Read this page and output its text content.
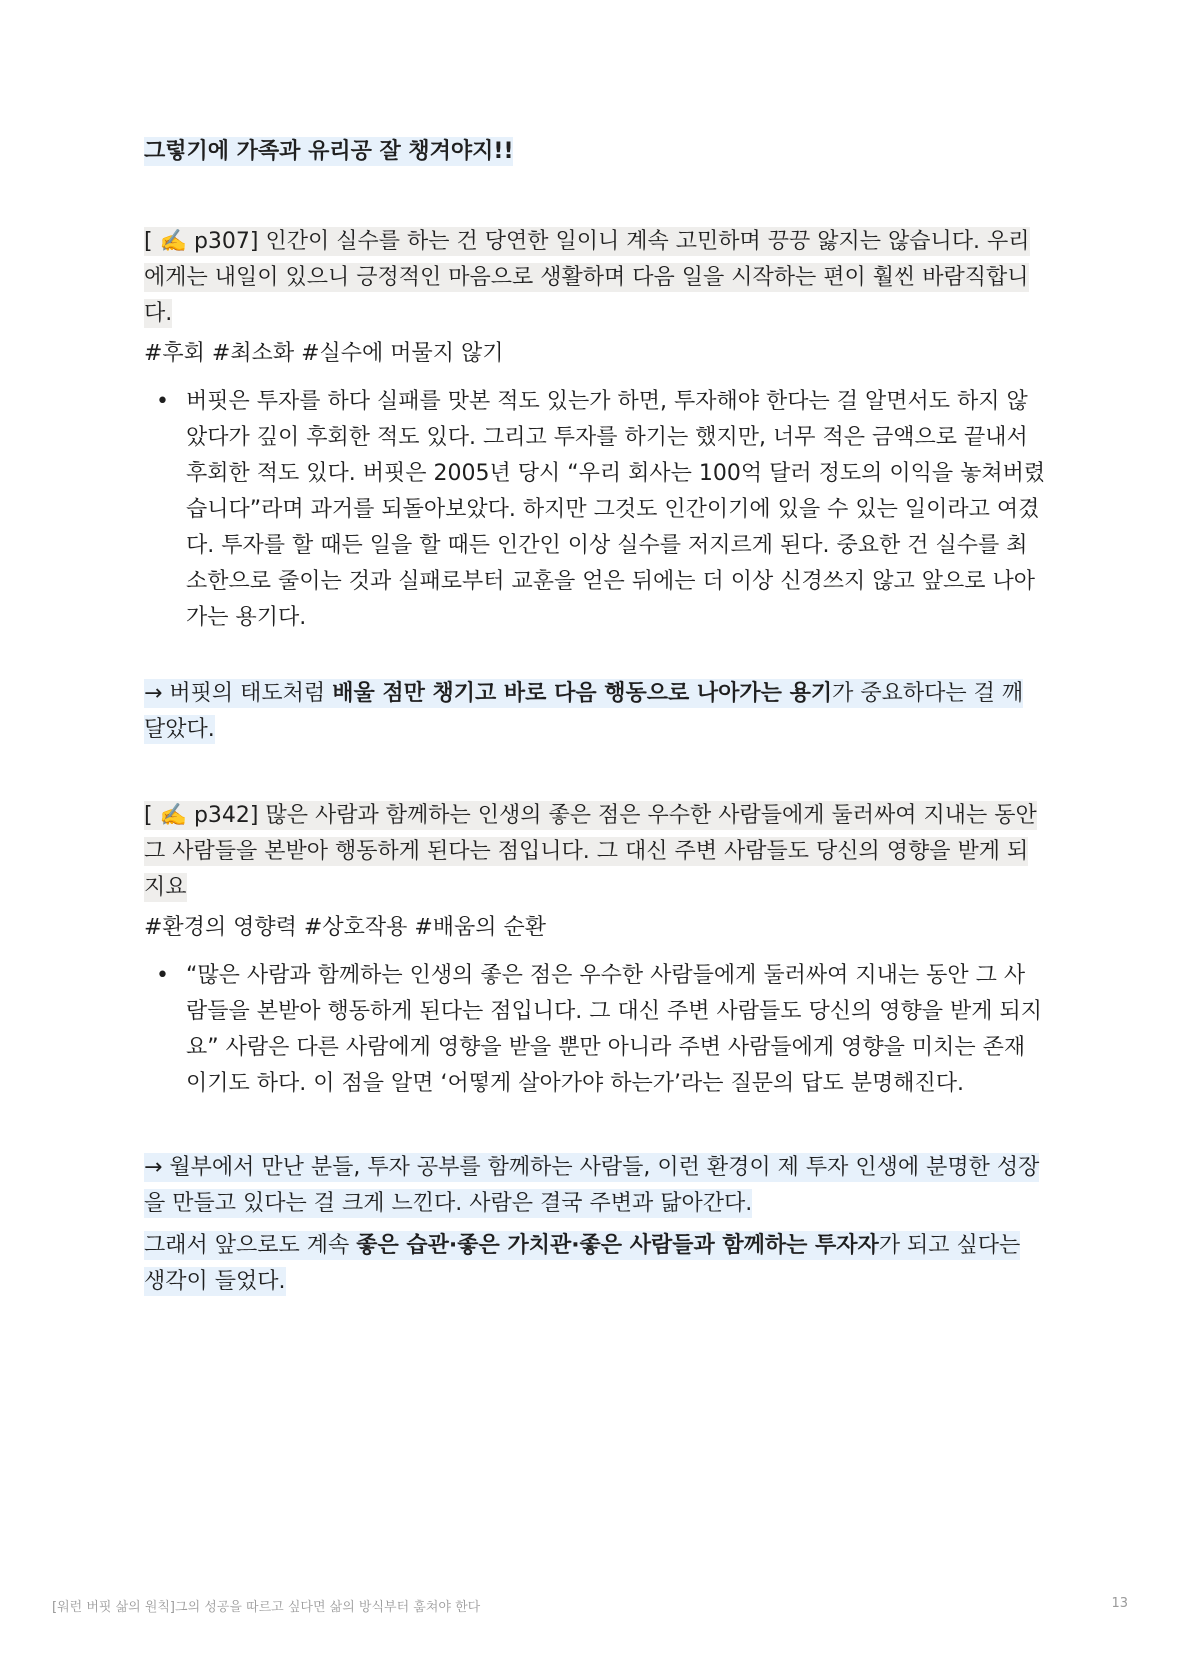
그렇기에 가족과 유리공 잘 챙겨야지!!
[ ✍️ p307] 인간이 실수를 하는 건 당연한 일이니 계속 고민하며 끙끙 앓지는 않습니다. 우리에게는 내일이 있으니 긍정적인 마음으로 생활하며 다음 일을 시작하는 편이 훨씬 바람직합니다.
#후회 #최소화 #실수에 머물지 않기
• 버핏은 투자를 하다 실패를 맛본 적도 있는가 하면, 투자해야 한다는 걸 알면서도 하지 않았다가 깊이 후회한 적도 있다. 그리고 투자를 하기는 했지만, 너무 적은 금액으로 끝내서 후회한 적도 있다. 버핏은 2005년 당시 “우리 회사는 100억 달러 정도의 이익을 놓쳐버렸습니다”라며 과거를 되돌아보았다. 하지만 그것도 인간이기에 있을 수 있는 일이라고 여겼다. 투자를 할 때든 일을 할 때든 인간인 이상 실수를 저지르게 된다. 중요한 건 실수를 최소한으로 줄이는 것과 실패로부터 교훈을 얻은 뒤에는 더 이상 신경쓰지 않고 앞으로 나아가는 용기다.
→ 버핏의 태도처럼 배울 점만 챙기고 바로 다음 행동으로 나아가는 용기가 중요하다는 걸 깨달았다.
[ ✍️ p342] 많은 사람과 함께하는 인생의 좋은 점은 우수한 사람들에게 둘러싸여 지내는 동안 그 사람들을 본받아 행동하게 된다는 점입니다. 그 대신 주변 사람들도 당신의 영향을 받게 되지요
#환경의 영향력 #상호작용 #배움의 순환
• “많은 사람과 함께하는 인생의 좋은 점은 우수한 사람들에게 둘러싸여 지내는 동안 그 사람들을 본받아 행동하게 된다는 점입니다. 그 대신 주변 사람들도 당신의 영향을 받게 되지요” 사람은 다른 사람에게 영향을 받을 뿐만 아니라 주변 사람들에게 영향을 미치는 존재이기도 하다. 이 점을 알면 ‘어떻게 살아가야 하는가’라는 질문의 답도 분명해진다.
→ 월부에서 만난 분들, 투자 공부를 함께하는 사람들, 이런 환경이 제 투자 인생에 분명한 성장을 만들고 있다는 걸 크게 느낀다. 사람은 결국 주변과 닮아간다.
그래서 앞으로도 계속 좋은 습관·좋은 가치관·좋은 사람들과 함께하는 투자자가 되고 싶다는 생각이 들었다.
[워런 버핏 삶의 원칙]그의 성공을 따르고 싶다면 삶의 방식부터 훔쳐야 한다	13
